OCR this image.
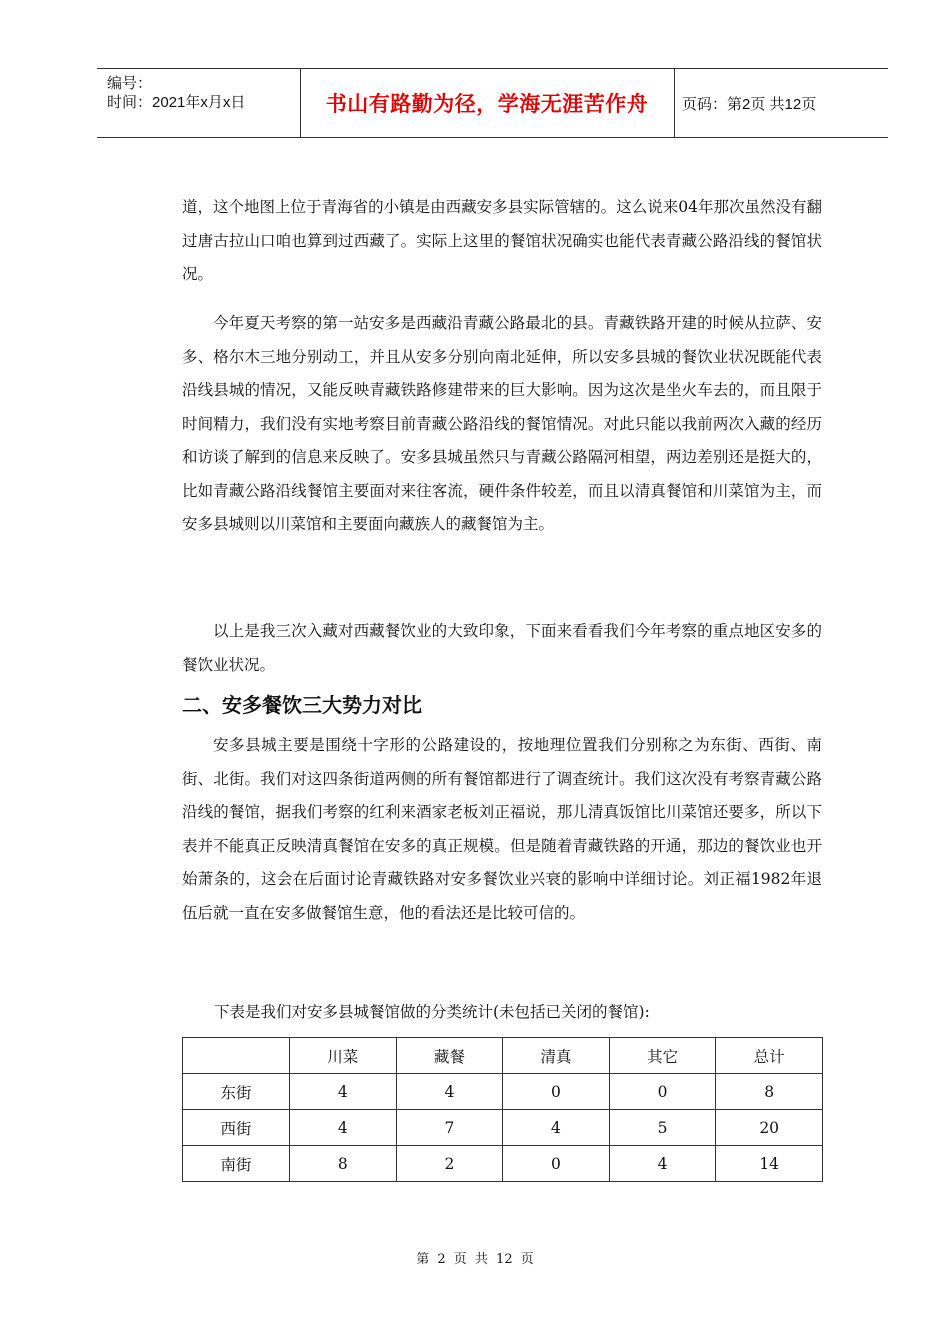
编号：
时间：2021年x月x日	书山有路勤为径，学海无涯苦作舟 页码：第2页 共12页

道，这个地图上位于青海省的小镇是由西藏安多县实际管辖的。这么说来04年那次虽然没有翻过唐古拉山口咱也算到过西藏了。实际上这里的餐馆状况确实也能代表青藏公路沿线的餐馆状况。

今年夏天考察的第一站安多是西藏沿青藏公路最北的县。青藏铁路开建的时候从拉萨、安多、格尔木三地分别动工，并且从安多分别向南北延伸，所以安多县城的餐饮业状况既能代表沿线县城的情况，又能反映青藏铁路修建带来的巨大影响。因为这次是坐火车去的，而且限于时间精力，我们没有实地考察目前青藏公路沿线的餐馆情况。对此只能以我前两次入藏的经历和访谈了解到的信息来反映了。安多县城虽然只与青藏公路隔河相望，两边差别还是挺大的，比如青藏公路沿线餐馆主要面对来往客流，硬件条件较差，而且以清真餐馆和川菜馆为主，而安多县城则以川菜馆和主要面向藏族人的藏餐馆为主。

以上是我三次入藏对西藏餐饮业的大致印象，下面来看看我们今年考察的重点地区安多的餐饮业状况。

二、安多餐饮三大势力对比

安多县城主要是围绕十字形的公路建设的，按地理位置我们分别称之为东街、西街、南街、北街。我们对这四条街道两侧的所有餐馆都进行了调查统计。我们这次没有考察青藏公路沿线的餐馆，据我们考察的红利来酒家老板刘正福说，那儿清真饭馆比川菜馆还要多，所以下表并不能真正反映清真餐馆在安多的真正规模。但是随着青藏铁路的开通，那边的餐饮业也开始萧条的，这会在后面讨论青藏铁路对安多餐饮业兴衰的影响中详细讨论。刘正福1982年退伍后就一直在安多做餐馆生意，他的看法还是比较可信的。

下表是我们对安多县城餐馆做的分类统计(未包括已关闭的餐馆):

	川菜	藏餐	清真	其它	总计
东街	4	4	0	0	8
西街	4	7	4	5	20
南街	8	2	0	4	14
第 2 页 共 12 页
